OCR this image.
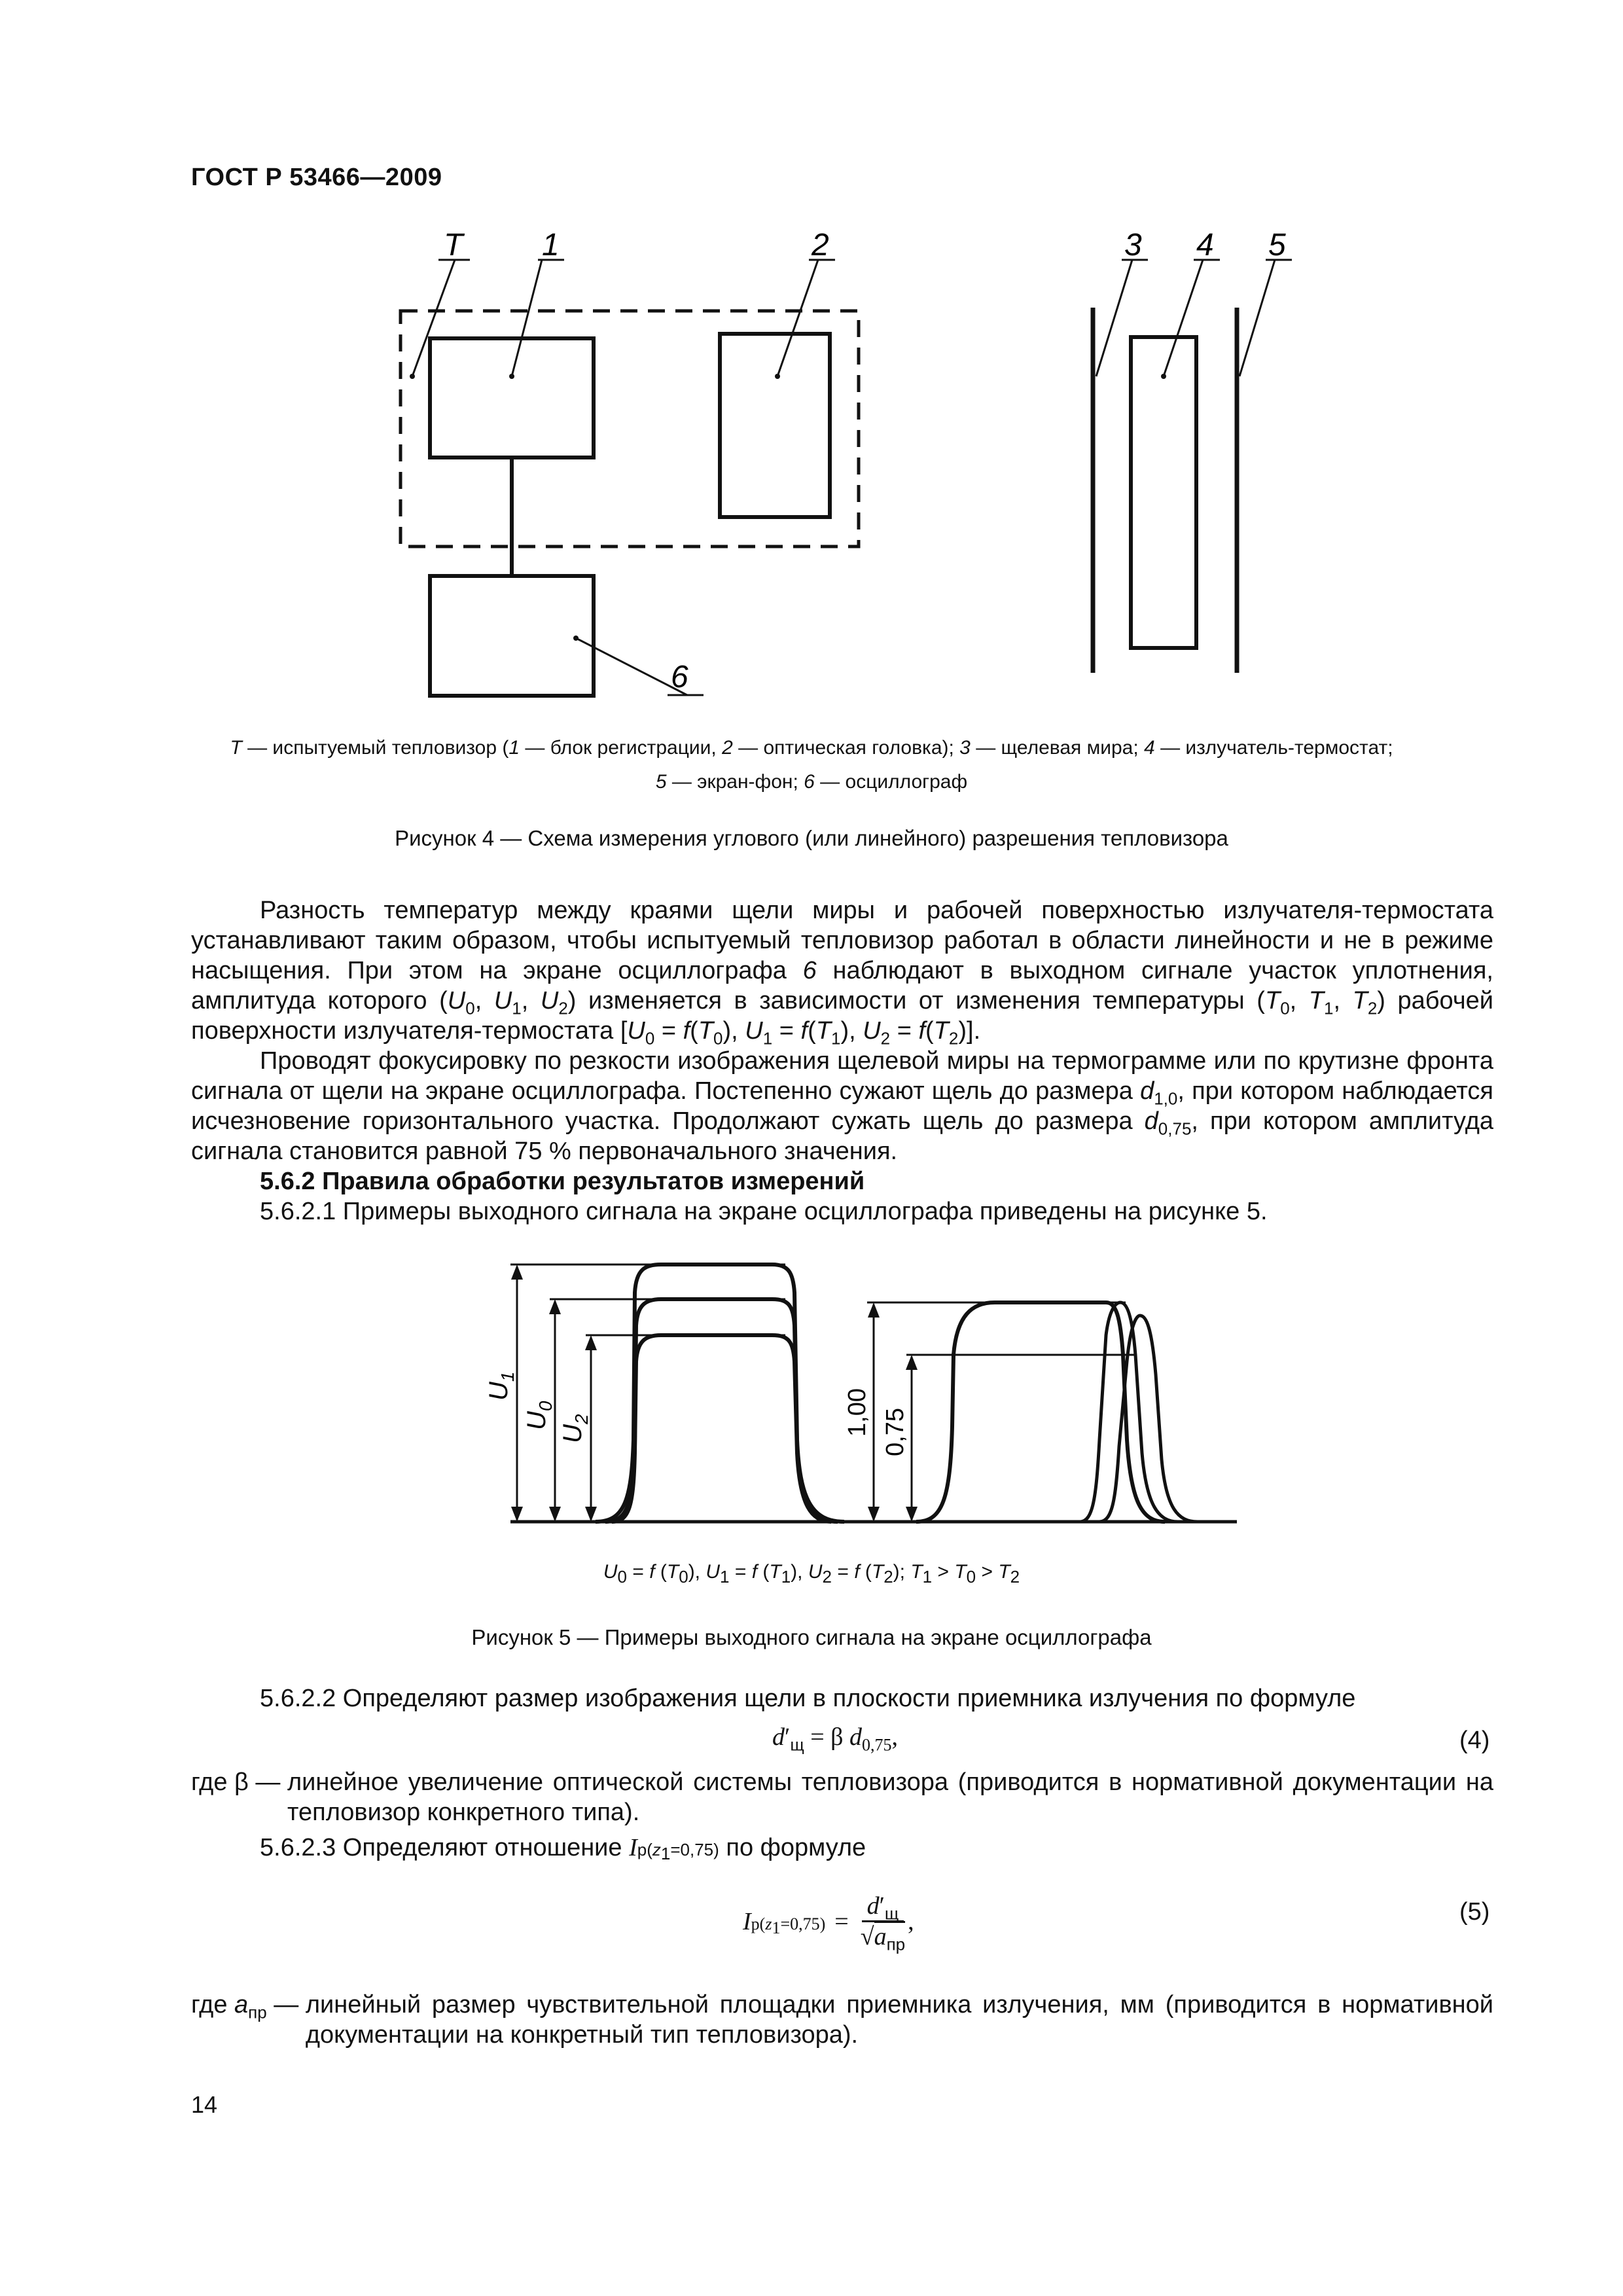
ГОСТ Р 53466—2009
T	1	2	3 4 5
6
T — испытуемый тепловизор (1 — блок регистрации, 2 — оптическая головка); 3 — щелевая мира; 4 — излучатель-термостат;
5 — экран-фон; 6 — осциллограф
Рисунок 4 — Схема измерения углового (или линейного) разрешения тепловизора

Разность температур между краями щели миры и рабочей поверхностью излучателя-термостата устанавливают таким образом, чтобы испытуемый тепловизор работал в области линейности и не в режиме насыщения. При этом на экране осциллографа 6 наблюдают в выходном сигнале участок уплотнения, амплитуда которого ($U_0$, $U_1$, $U_2$) изменяется в зависимости от изменения температуры ($T_0$, $T_1$, $T_2$) рабочей поверхности излучателя-термостата [$U_0 = f(T_0)$, $U_1 = f(T_1)$, $U_2 = f(T_2)$].

Проводят фокусировку по резкости изображения щелевой миры на термограмме или по крутизне фронта сигнала от щели на экране осциллографа. Постепенно сужают щель до размера $d_{1,0}$, при котором наблюдается исчезновение горизонтального участка. Продолжают сужать щель до размера $d_{0,75}$, при котором амплитуда сигнала становится равной 75 % первоначального значения.

5.6.2 Правила обработки результатов измерений

5.6.2.1 Примеры выходного сигнала на экране осциллографа приведены на рисунке 5.

$U_1$
$U_0$
$U_2$	1,00 0,75
$U_0 = f$ $(T_0)$, $U_1 = f$ $(T_1)$, $U_2 = f$ $(T_2)$; $T_1 > T_0 > T_2$
Рисунок 5 — Примеры выходного сигнала на экране осциллографа

5.6.2.2 Определяют размер изображения щели в плоскости приемника излучения по формуле

$d'_щ = \beta$ $d_{0,75}$,	(4)
где β — линейное увеличение оптической системы тепловизора (приводится в нормативной документации на тепловизор конкретного типа).

5.6.2.3 Определяют отношение $Iр(z_1=0,75)$ по формуле

$Iр(z_1=0,75)$ =
$d'_щ$
$√a_{пр}$
,	(5)
где $a_{пр}$ — линейный размер чувствительной площадки приемника излучения, мм (приводится в нормативной документации на конкретный тип тепловизора).
14
